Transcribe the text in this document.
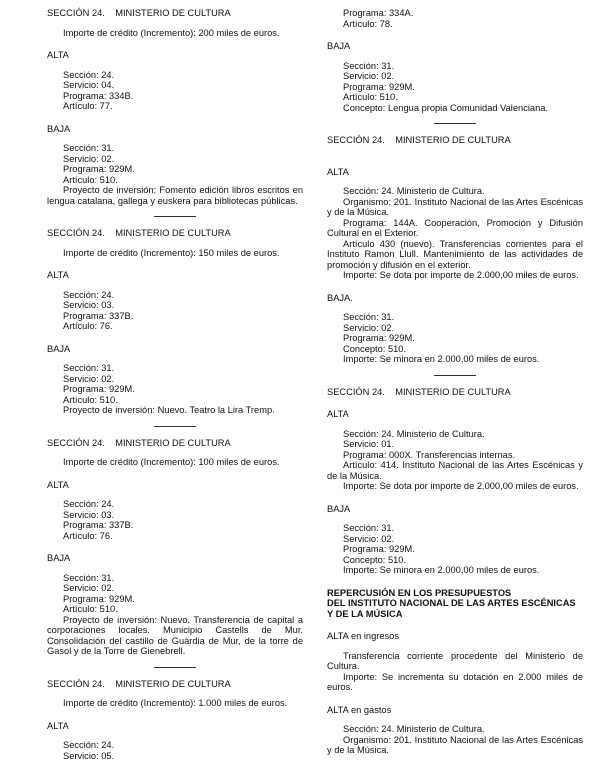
SECCIÓN 24.    MINISTERIO DE CULTURA

Importe de crédito (Incremento): 200 miles de euros.

ALTA

Sección: 24.

Servicio: 04.

Programa: 334B.

Artículo: 77.

BAJA

Sección: 31.

Servicio: 02.

Programa: 929M.

Artículo: 510.

Proyecto de inversión: Fomento edición libros escritos en lengua catalana, gallega y euskera para bibliotecas públicas.

SECCIÓN 24.    MINISTERIO DE CULTURA

Importe de crédito (Incremento): 150 miles de euros.

ALTA

Sección: 24.

Servicio: 03.

Programa: 337B.

Artículo: 76.

BAJA

Sección: 31.

Servicio: 02.

Programa: 929M.

Artículo: 510.

Proyecto de inversión: Nuevo. Teatro la Lira Tremp.

SECCIÓN 24.    MINISTERIO DE CULTURA

Importe de crédito (Incremento): 100 miles de euros.

ALTA

Sección: 24.

Servicio: 03.

Programa: 337B.

Artículo: 76.

BAJA

Sección: 31.

Servicio: 02.

Programa: 929M.

Artículo: 510.

Proyecto de inversión: Nuevo. Transferencia de capital a corporaciones locales. Municipio Castells de Mur. Consolidación del castillo de Guàrdia de Mur, de la torre de Gasol y de la Torre de Gienebrell.

SECCIÓN 24.    MINISTERIO DE CULTURA

Importe de crédito (Incremento): 1.000 miles de euros.

ALTA

Sección: 24.

Servicio: 05.

Programa: 334A.

Artículo: 78.

BAJA

Sección: 31.

Servicio: 02.

Programa: 929M.

Artículo: 510.

Concepto: Lengua propia Comunidad Valenciana.

SECCIÓN 24.    MINISTERIO DE CULTURA

ALTA

Sección: 24. Ministerio de Cultura.

Organismo: 201. Instituto Nacional de las Artes Escénicas y de la Música.

Programa: 144A. Cooperación, Promoción y Difusión Cultural en el Exterior.

Artículo 430 (nuevo). Transferencias corrientes para el Instituto Ramon Llull. Mantenimiento de las actividades de promoción y difusión en el exterior.

Importe: Se dota por importe de 2.000,00 miles de euros.

BAJA.

Sección: 31.

Servicio: 02.

Programa: 929M.

Concepto: 510.

Importe: Se minora en 2.000,00 miles de euros.

SECCIÓN 24.    MINISTERIO DE CULTURA

ALTA

Sección: 24. Ministerio de Cultura.

Servicio: 01.

Programa: 000X. Transferencias internas.

Artículo: 414. Instituto Nacional de las Artes Escénicas y de la Música.

Importe: Se dota por importe de 2.000,00 miles de euros.

BAJA

Sección: 31.

Servicio: 02.

Programa: 929M.

Concepto: 510.

Importe: Se minora en 2.000,00 miles de euros.

REPERCUSIÓN EN LOS PRESUPUESTOS

DEL INSTITUTO NACIONAL DE LAS ARTES ESCÉNICAS

Y DE LA MÚSICA

ALTA en ingresos

Transferencia corriente procedente del Ministerio de Cultura.

Importe: Se incrementa su dotación en 2.000 miles de euros.

ALTA en gastos

Sección: 24. Ministerio de Cultura.

Organismo: 201. Instituto Nacional de las Artes Escénicas y de la Música.
